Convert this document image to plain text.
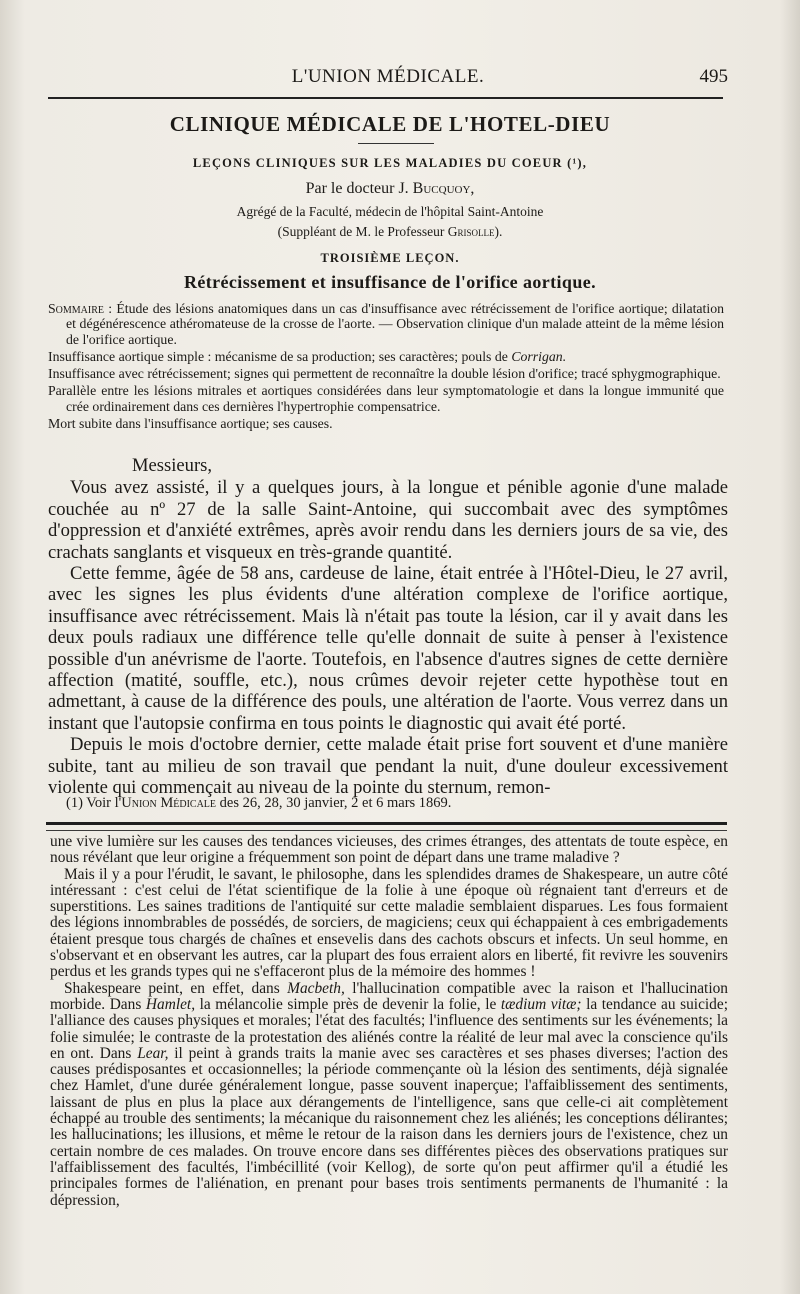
L'UNION MÉDICALE.	495
CLINIQUE MÉDICALE DE L'HOTEL-DIEU
LEÇONS CLINIQUES SUR LES MALADIES DU COEUR (¹),
Par le docteur J. Bucquoy,
Agrégé de la Faculté, médecin de l'hôpital Saint-Antoine
(Suppléant de M. le Professeur Grisolle).
TROISIÈME LEÇON.
Rétrécissement et insuffisance de l'orifice aortique.

Sommaire : Étude des lésions anatomiques dans un cas d'insuffisance avec rétrécissement de l'orifice aortique; dilatation et dégénérescence athéromateuse de la crosse de l'aorte. — Observation clinique d'un malade atteint de la même lésion de l'orifice aortique.

Insuffisance aortique simple : mécanisme de sa production; ses caractères; pouls de Corrigan.

Insuffisance avec rétrécissement; signes qui permettent de reconnaître la double lésion d'orifice; tracé sphygmographique.

Parallèle entre les lésions mitrales et aortiques considérées dans leur symptomatologie et dans la longue immunité que crée ordinairement dans ces dernières l'hypertrophie compensatrice.

Mort subite dans l'insuffisance aortique; ses causes.

Messieurs,

Vous avez assisté, il y a quelques jours, à la longue et pénible agonie d'une malade couchée au nº 27 de la salle Saint-Antoine, qui succombait avec des symptômes d'oppression et d'anxiété extrêmes, après avoir rendu dans les derniers jours de sa vie, des crachats sanglants et visqueux en très-grande quantité.

Cette femme, âgée de 58 ans, cardeuse de laine, était entrée à l'Hôtel-Dieu, le 27 avril, avec les signes les plus évidents d'une altération complexe de l'orifice aortique, insuffisance avec rétrécissement. Mais là n'était pas toute la lésion, car il y avait dans les deux pouls radiaux une différence telle qu'elle donnait de suite à penser à l'existence possible d'un anévrisme de l'aorte. Toutefois, en l'absence d'autres signes de cette dernière affection (matité, souffle, etc.), nous crûmes devoir rejeter cette hypothèse tout en admettant, à cause de la différence des pouls, une altération de l'aorte. Vous verrez dans un instant que l'autopsie confirma en tous points le diagnostic qui avait été porté.

Depuis le mois d'octobre dernier, cette malade était prise fort souvent et d'une manière subite, tant au milieu de son travail que pendant la nuit, d'une douleur excessivement violente qui commençait au niveau de la pointe du sternum, remon-

(1) Voir l'Union Médicale des 26, 28, 30 janvier, 2 et 6 mars 1869.

une vive lumière sur les causes des tendances vicieuses, des crimes étranges, des attentats de toute espèce, en nous révélant que leur origine a fréquemment son point de départ dans une trame maladive ?

Mais il y a pour l'érudit, le savant, le philosophe, dans les splendides drames de Shakespeare, un autre côté intéressant : c'est celui de l'état scientifique de la folie à une époque où régnaient tant d'erreurs et de superstitions. Les saines traditions de l'antiquité sur cette maladie semblaient disparues. Les fous formaient des légions innombrables de possédés, de sorciers, de magiciens; ceux qui échappaient à ces embrigadements étaient presque tous chargés de chaînes et ensevelis dans des cachots obscurs et infects. Un seul homme, en s'observant et en observant les autres, car la plupart des fous erraient alors en liberté, fit revivre les souvenirs perdus et les grands types qui ne s'effaceront plus de la mémoire des hommes !

Shakespeare peint, en effet, dans Macbeth, l'hallucination compatible avec la raison et l'hallucination morbide. Dans Hamlet, la mélancolie simple près de devenir la folie, le tædium vitæ; la tendance au suicide; l'alliance des causes physiques et morales; l'état des facultés; l'influence des sentiments sur les événements; la folie simulée; le contraste de la protestation des aliénés contre la réalité de leur mal avec la conscience qu'ils en ont. Dans Lear, il peint à grands traits la manie avec ses caractères et ses phases diverses; l'action des causes prédisposantes et occasionnelles; la période commençante où la lésion des sentiments, déjà signalée chez Hamlet, d'une durée généralement longue, passe souvent inaperçue; l'affaiblissement des sentiments, laissant de plus en plus la place aux dérangements de l'intelligence, sans que celle-ci ait complètement échappé au trouble des sentiments; la mécanique du raisonnement chez les aliénés; les conceptions délirantes; les hallucinations; les illusions, et même le retour de la raison dans les derniers jours de l'existence, chez un certain nombre de ces malades. On trouve encore dans ses différentes pièces des observations pratiques sur l'affaiblissement des facultés, l'imbécillité (voir Kellog), de sorte qu'on peut affirmer qu'il a étudié les principales formes de l'aliénation, en prenant pour bases trois sentiments permanents de l'humanité : la dépression,
